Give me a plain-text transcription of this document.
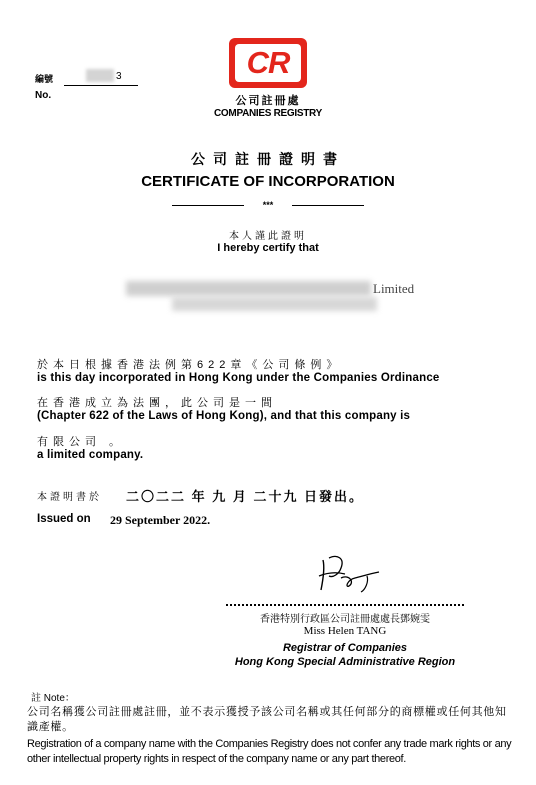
CR
公司註冊處
COMPANIES REGISTRY
編號
No.
3
公司註冊證明書
CERTIFICATE OF INCORPORATION
***
本人謹此證明
I hereby certify that
Limited
於本日根據香港法例第622章《公司條例》
is this day incorporated in Hong Kong under the Companies Ordinance
在香港成立為法團，此公司是一間
(Chapter 622 of the Laws of Hong Kong), and that this company is
有限公司 。
a limited company.
本證明書於 二〇二二 年 九 月 二十九 日發出。
Issued on 29 September 2022.
香港特別行政區公司註冊處處長鄧婉雯
Miss Helen TANG
Registrar of Companies
Hong Kong Special Administrative Region
註 Note：
公司名稱獲公司註冊處註冊，並不表示獲授予該公司名稱或其任何部分的商標權或任何其他知識產權。
Registration of a company name with the Companies Registry does not confer any trade mark rights or any other intellectual property rights in respect of the company name or any part thereof.
